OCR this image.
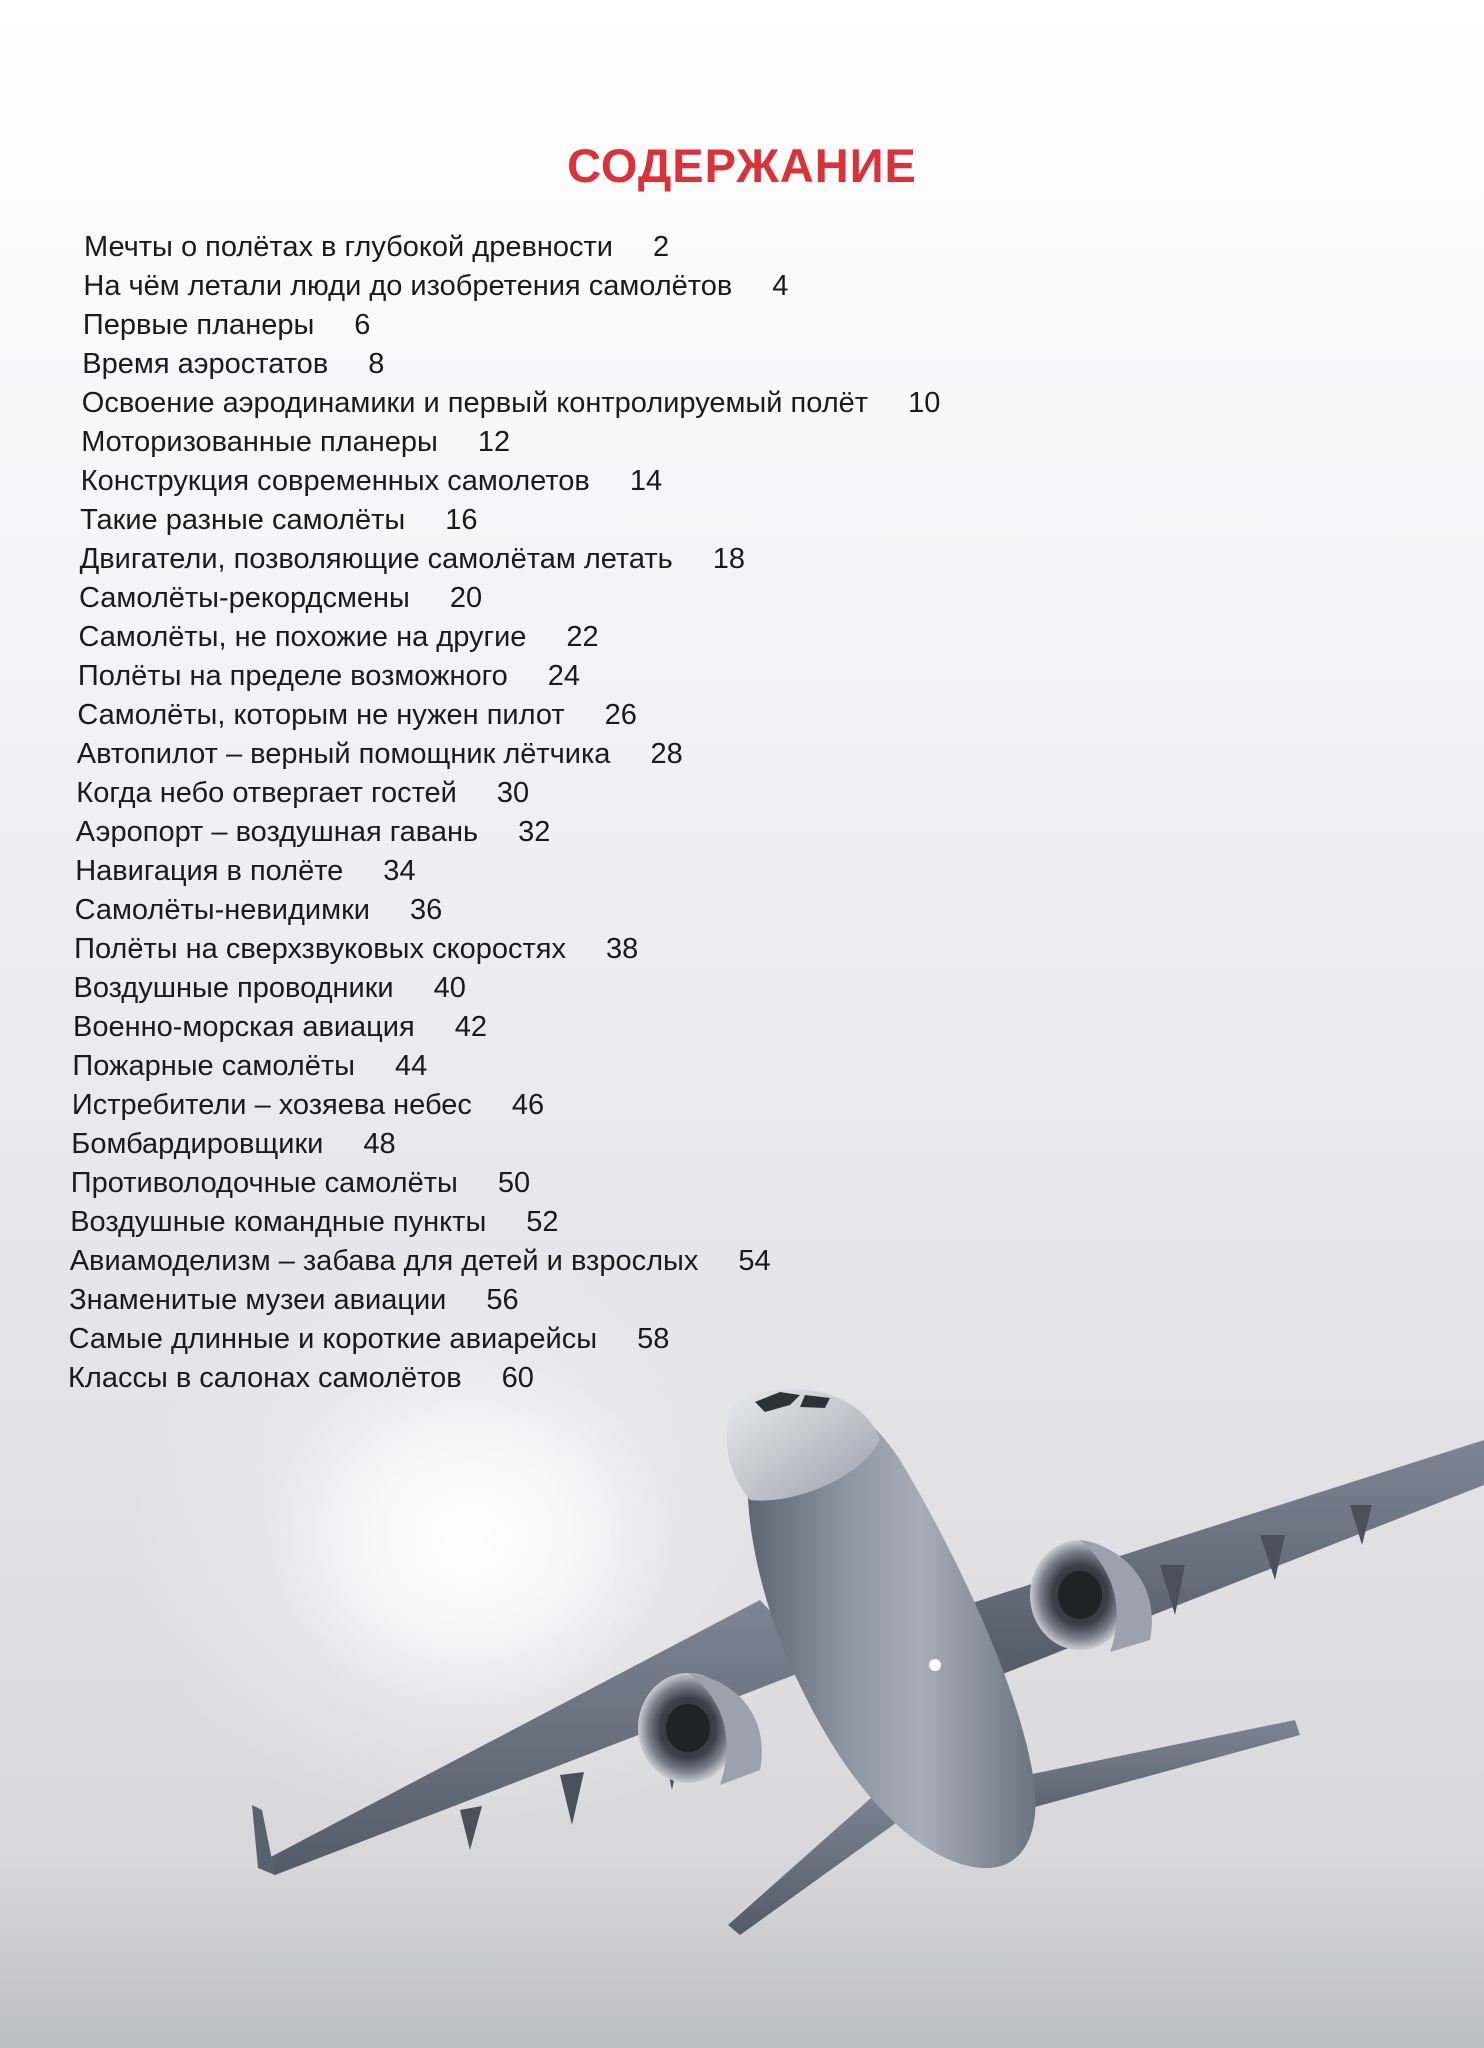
СОДЕРЖАНИЕ
Мечты о полётах в глубокой древности 2
На чём летали люди до изобретения самолётов 4
Первые планеры 6
Время аэростатов 8
Освоение аэродинамики и первый контролируемый полёт 10
Моторизованные планеры 12
Конструкция современных самолетов 14
Такие разные самолёты 16
Двигатели, позволяющие самолётам летать 18
Самолёты-рекордсмены 20
Самолёты, не похожие на другие 22
Полёты на пределе возможного 24
Самолёты, которым не нужен пилот 26
Автопилот – верный помощник лётчика 28
Когда небо отвергает гостей 30
Аэропорт – воздушная гавань 32
Навигация в полёте 34
Самолёты-невидимки 36
Полёты на сверхзвуковых скоростях 38
Воздушные проводники 40
Военно-морская авиация 42
Пожарные самолёты 44
Истребители – хозяева небес 46
Бомбардировщики 48
Противолодочные самолёты 50
Воздушные командные пункты 52
Авиамоделизм – забава для детей и взрослых 54
Знаменитые музеи авиации 56
Самые длинные и короткие авиарейсы 58
Классы в салонах самолётов 60
